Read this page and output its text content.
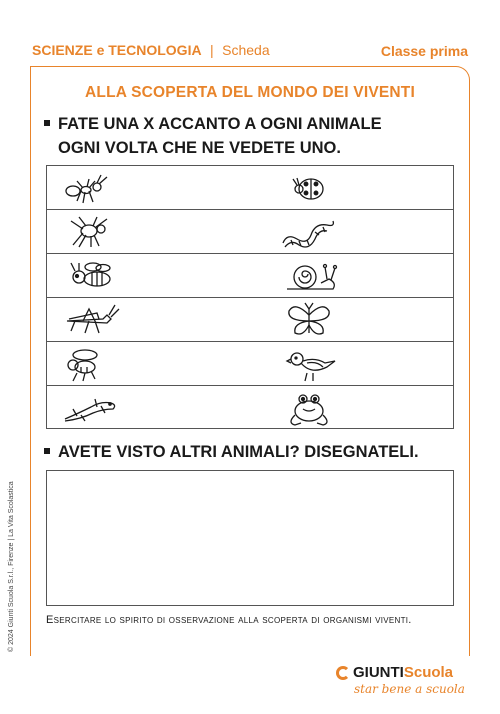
SCIENZE e TECNOLOGIA | Scheda	Classe prima
ALLA SCOPERTA DEL MONDO DEI VIVENTI
FATE UNA X ACCANTO A OGNI ANIMALE
OGNI VOLTA CHE NE VEDETE UNO.
AVETE VISTO ALTRI ANIMALI? DISEGNATELI.
Esercitare lo spirito di osservazione alla scoperta di organismi viventi.
© 2024 Giunti Scuola S.r.l., Firenze | La Vita Scolastica
GIUNTI Scuola
star bene a scuola
